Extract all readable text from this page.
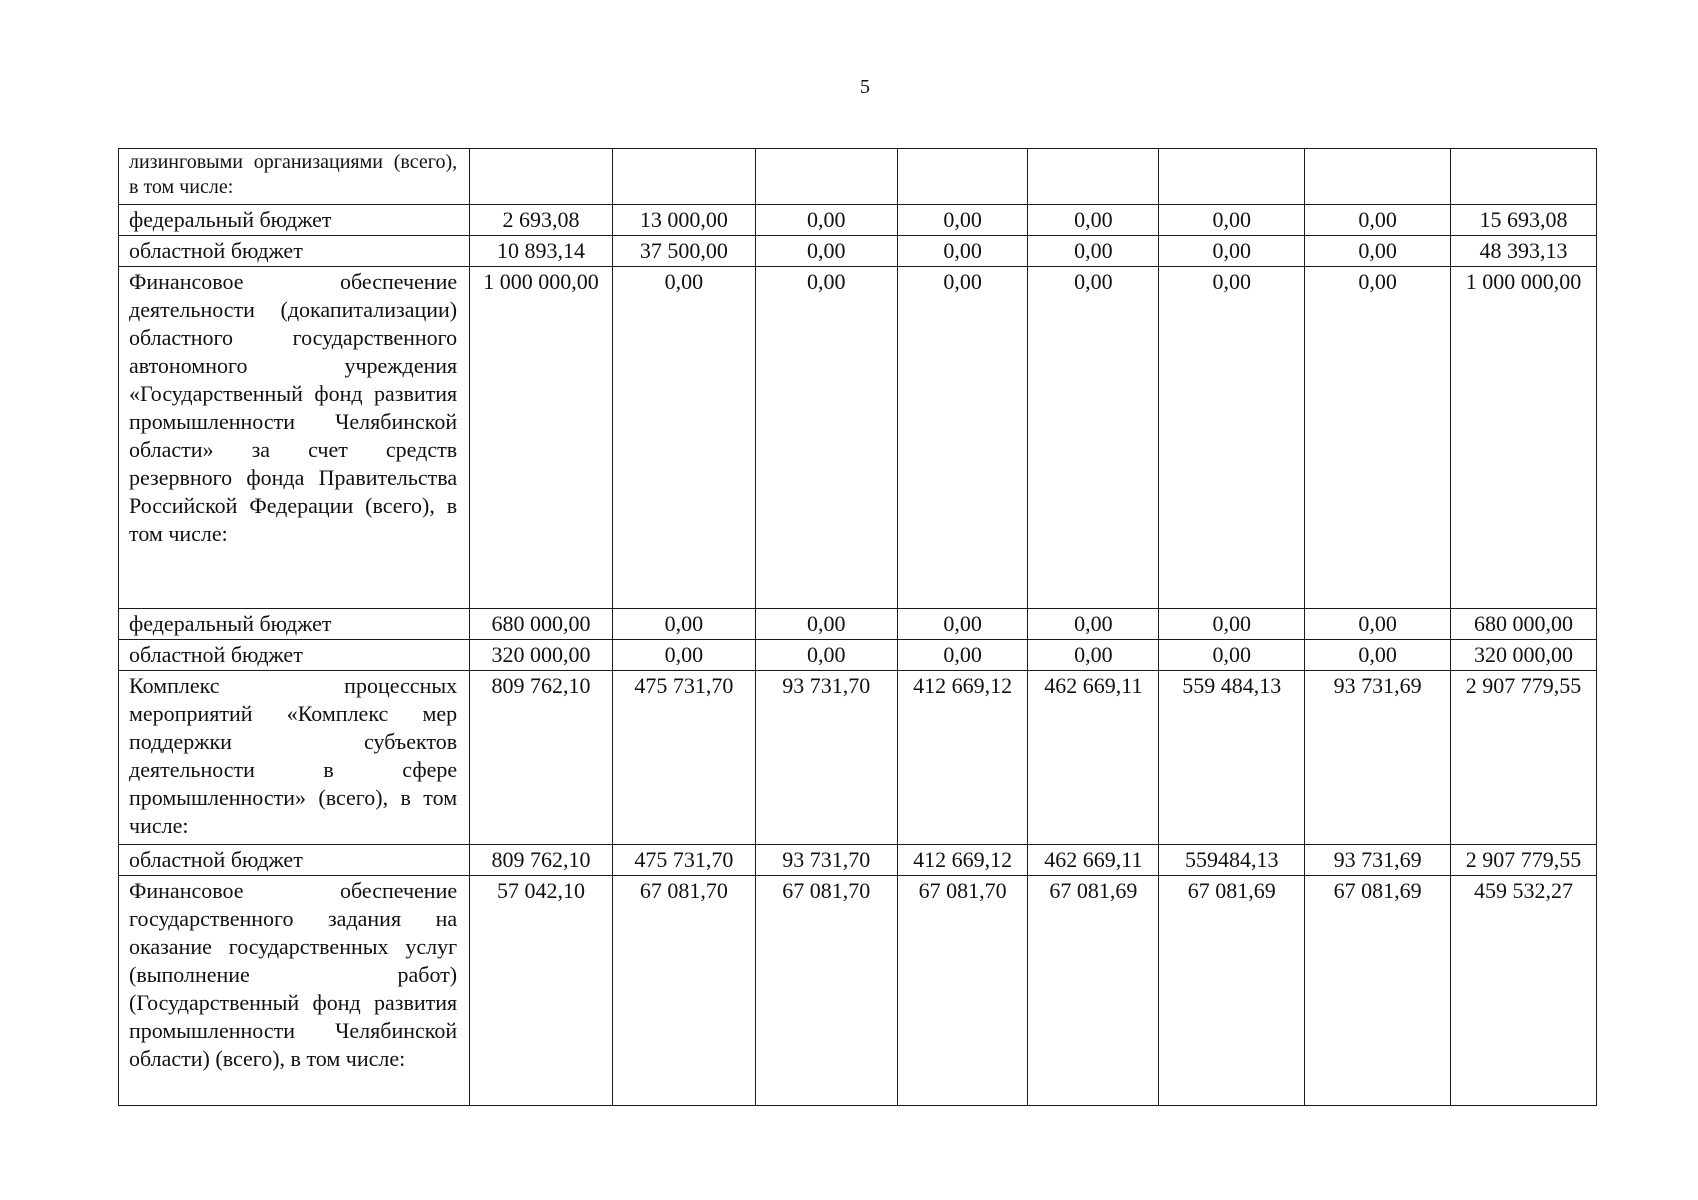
5
лизинговыми организациями (всего), в том числе:								
федеральный бюджет	2 693,08	13 000,00	0,00	0,00	0,00	0,00	0,00	15 693,08
областной бюджет	10 893,14	37 500,00	0,00	0,00	0,00	0,00	0,00	48 393,13
Финансовое обеспечение деятельности (докапитализации) областного государственного автономного учреждения «Государственный фонд развития промышленности Челябинской области» за счет средств резервного фонда Правительства Российской Федерации (всего), в том числе:	1 000 000,00	0,00	0,00	0,00	0,00	0,00	0,00	1 000 000,00
федеральный бюджет	680 000,00	0,00	0,00	0,00	0,00	0,00	0,00	680 000,00
областной бюджет	320 000,00	0,00	0,00	0,00	0,00	0,00	0,00	320 000,00
Комплекс процессных мероприятий «Комплекс мер поддержки субъектов деятельности в сфере промышленности» (всего), в том числе:	809 762,10	475 731,70	93 731,70	412 669,12	462 669,11	559 484,13	93 731,69	2 907 779,55
областной бюджет	809 762,10	475 731,70	93 731,70	412 669,12	462 669,11	559484,13	93 731,69	2 907 779,55
Финансовое обеспечение государственного задания на оказание государственных услуг (выполнение работ) (Государственный фонд развития промышленности Челябинской области) (всего), в том числе:	57 042,10	67 081,70	67 081,70	67 081,70	67 081,69	67 081,69	67 081,69	459 532,27
